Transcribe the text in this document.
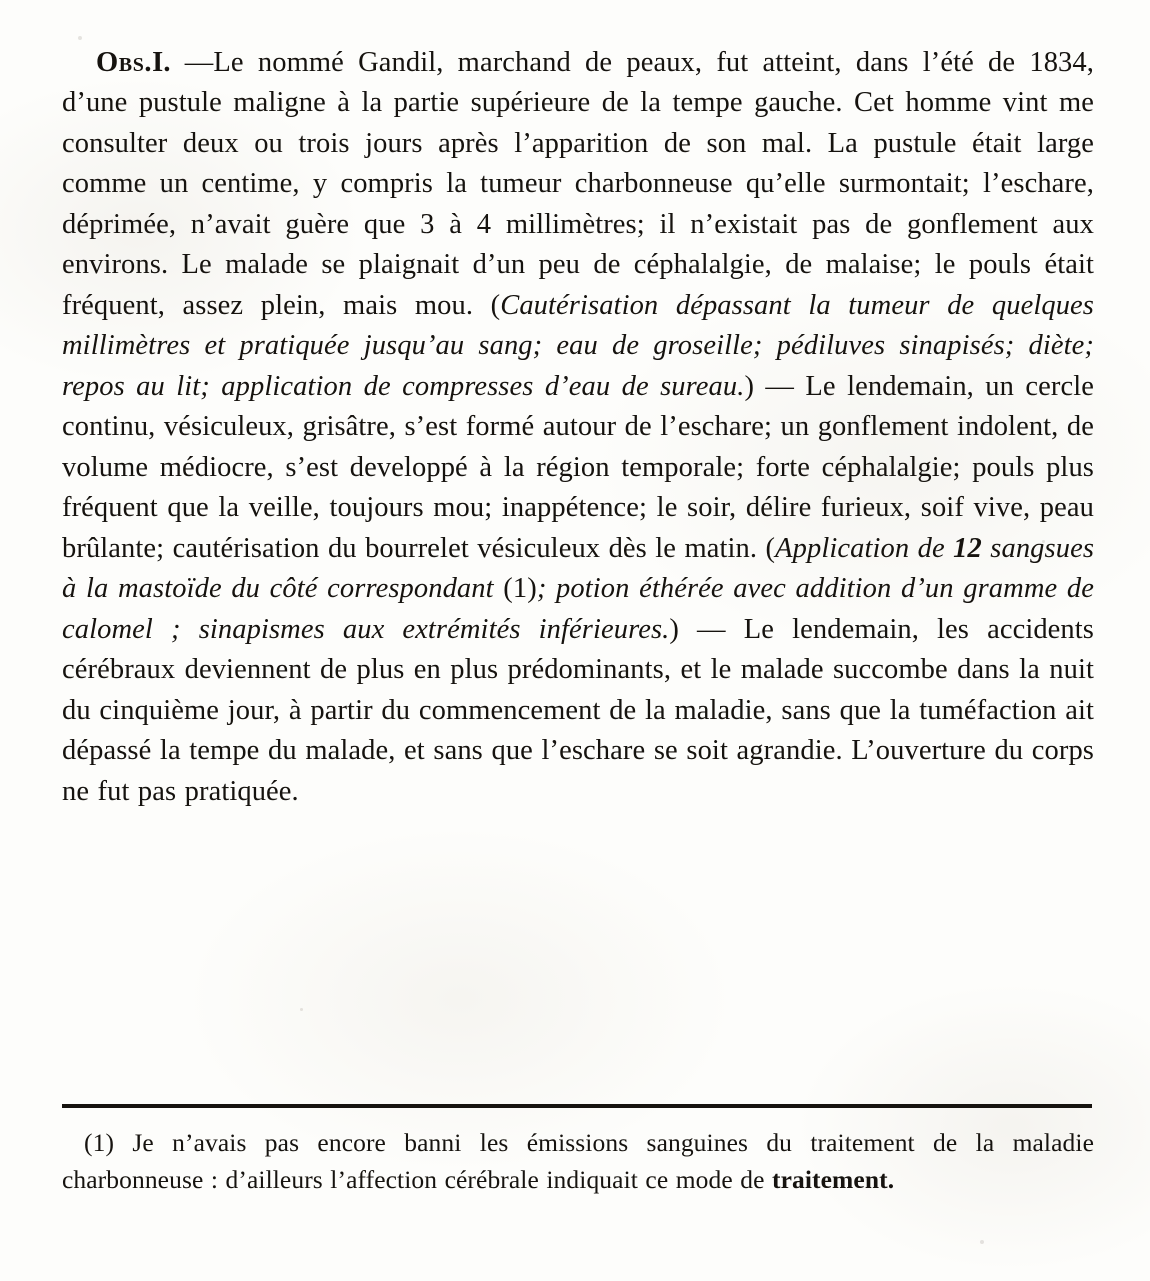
Obs.I. —Le nommé Gandil, marchand de peaux, fut atteint, dans l’été de 1834, d’une pustule maligne à la partie supérieure de la tempe gauche. Cet homme vint me consulter deux ou trois jours après l’apparition de son mal. La pustule était large comme un centime, y compris la tumeur charbonneuse qu’elle surmontait; l’eschare, déprimée, n’avait guère que 3 à 4 millimètres; il n’existait pas de gonflement aux environs. Le malade se plaignait d’un peu de céphalalgie, de malaise; le pouls était fréquent, assez plein, mais mou. (Cautérisation dépassant la tumeur de quelques millimètres et pratiquée jusqu’au sang; eau de groseille; pédiluves sinapisés; diète; repos au lit; application de compresses d’eau de sureau.) — Le lendemain, un cercle continu, vésiculeux, grisâtre, s’est formé autour de l’eschare; un gonflement indolent, de volume médiocre, s’est developpé à la région temporale; forte céphalalgie; pouls plus fréquent que la veille, toujours mou; inappétence; le soir, délire furieux, soif vive, peau brûlante; cautérisation du bourrelet vésiculeux dès le matin. (Application de 12 sangsues à la mastoïde du côté correspondant (1); potion éthérée avec addition d’un gramme de calomel ; sinapismes aux extrémités inférieures.) — Le lendemain, les accidents cérébraux deviennent de plus en plus prédominants, et le malade succombe dans la nuit du cinquième jour, à partir du commencement de la maladie, sans que la tuméfaction ait dépassé la tempe du malade, et sans que l’eschare se soit agrandie. L’ouverture du corps ne fut pas pratiquée.

(1) Je n’avais pas encore banni les émissions sanguines du traitement de la maladie charbonneuse : d’ailleurs l’affection cérébrale indiquait ce mode de traitement.
